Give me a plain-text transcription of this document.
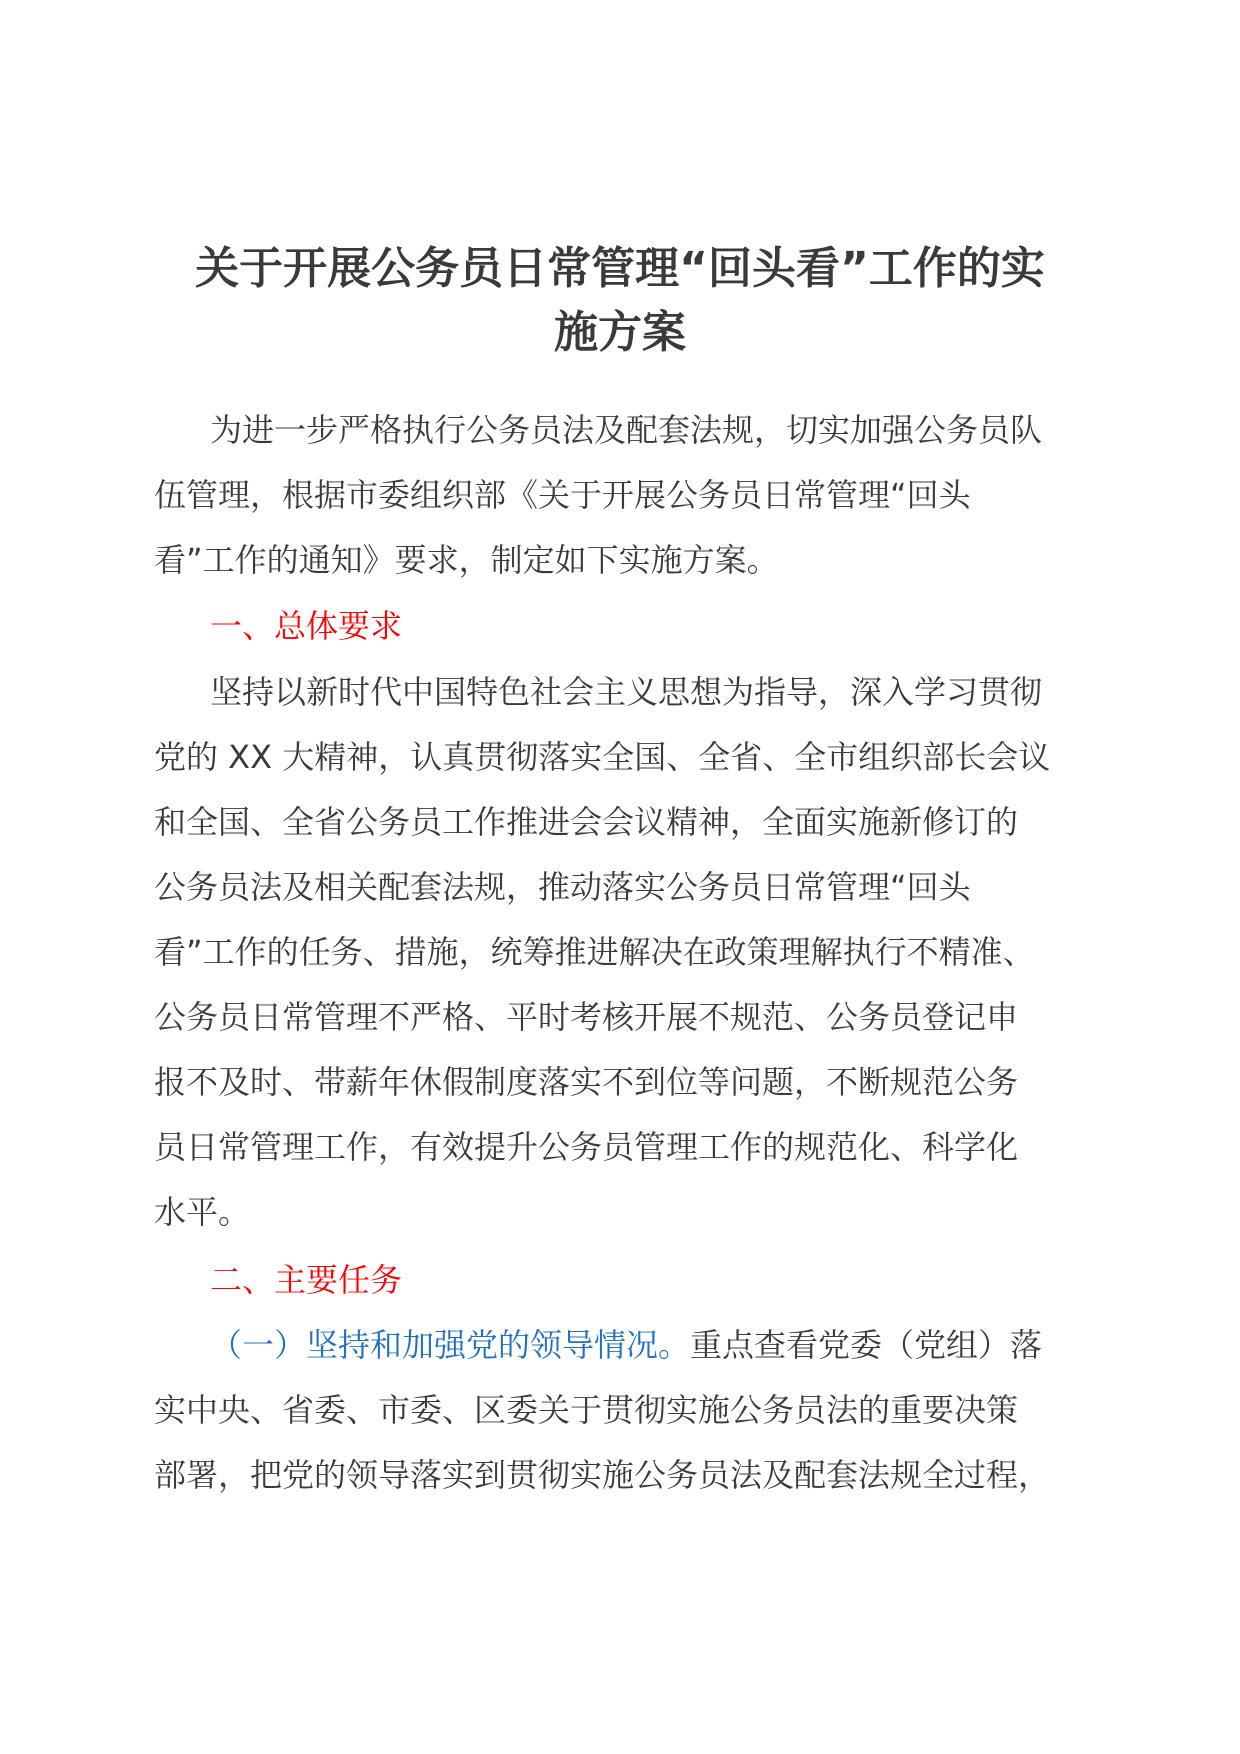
关于开展公务员日常管理“回头看”工作的实
施方案

为进一步严格执行公务员法及配套法规，切实加强公务员队
伍管理，根据市委组织部《关于开展公务员日常管理“回头
看”工作的通知》要求，制定如下实施方案。

一、总体要求

坚持以新时代中国特色社会主义思想为指导，深入学习贯彻
党的 XX 大精神，认真贯彻落实全国、全省、全市组织部长会议
和全国、全省公务员工作推进会会议精神，全面实施新修订的
公务员法及相关配套法规，推动落实公务员日常管理“回头
看”工作的任务、措施，统筹推进解决在政策理解执行不精准、
公务员日常管理不严格、平时考核开展不规范、公务员登记申
报不及时、带薪年休假制度落实不到位等问题，不断规范公务
员日常管理工作，有效提升公务员管理工作的规范化、科学化
水平。

二、主要任务

（一）坚持和加强党的领导情况。重点查看党委（党组）落
实中央、省委、市委、区委关于贯彻实施公务员法的重要决策
部署，把党的领导落实到贯彻实施公务员法及配套法规全过程，
